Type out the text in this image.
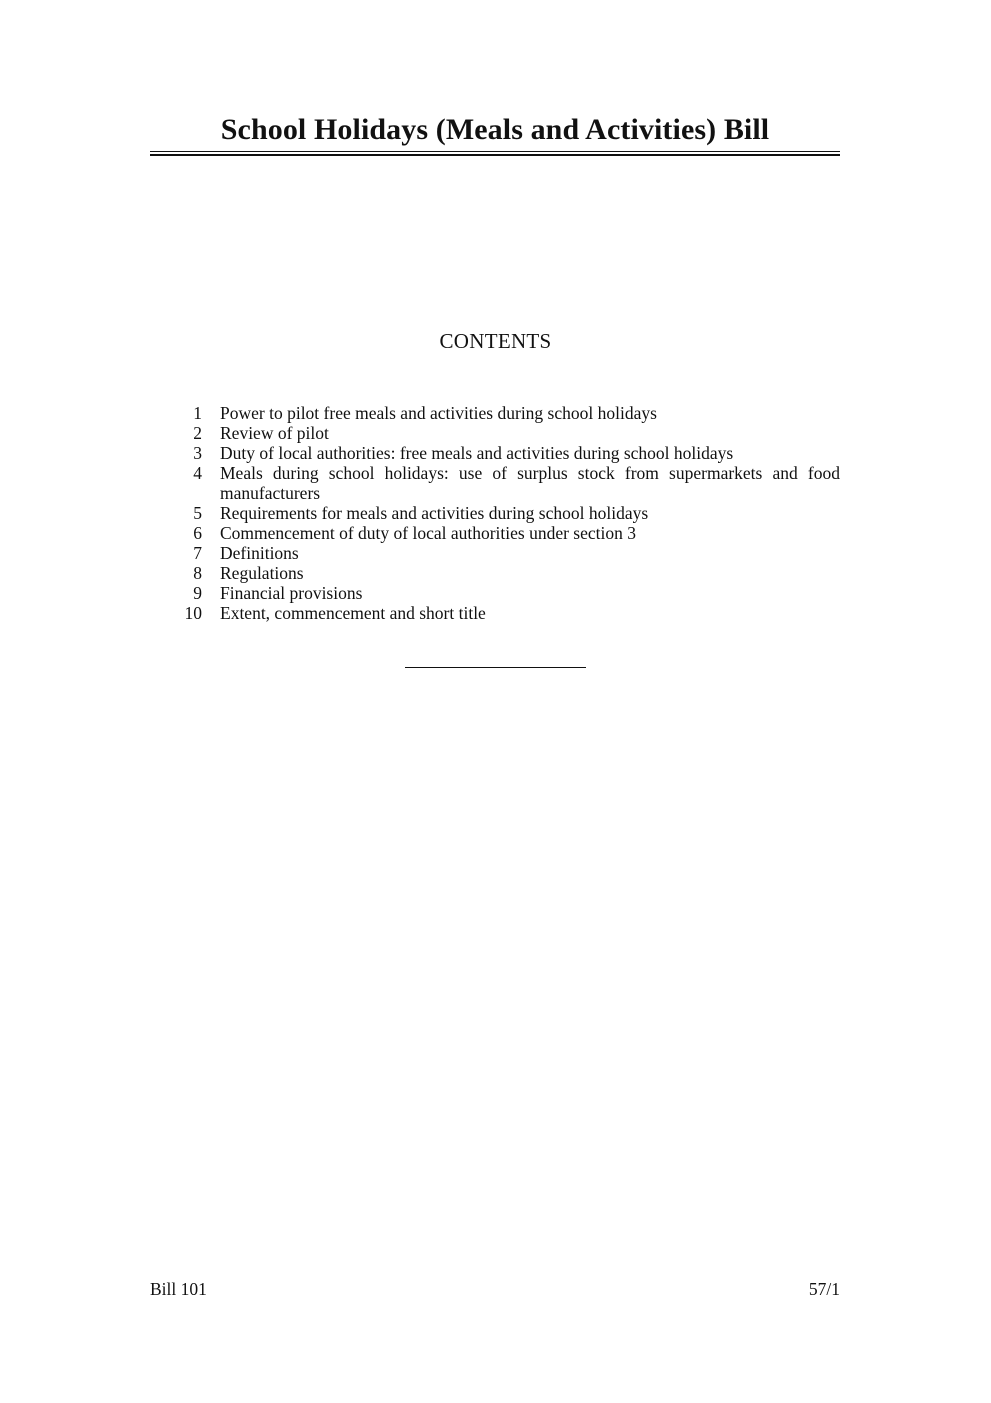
School Holidays (Meals and Activities) Bill
CONTENTS
1 Power to pilot free meals and activities during school holidays
2 Review of pilot
3 Duty of local authorities: free meals and activities during school holidays
4 Meals during school holidays: use of surplus stock from supermarkets and food manufacturers
5 Requirements for meals and activities during school holidays
6 Commencement of duty of local authorities under section 3
7 Definitions
8 Regulations
9 Financial provisions
10 Extent, commencement and short title
Bill 101	57/1
